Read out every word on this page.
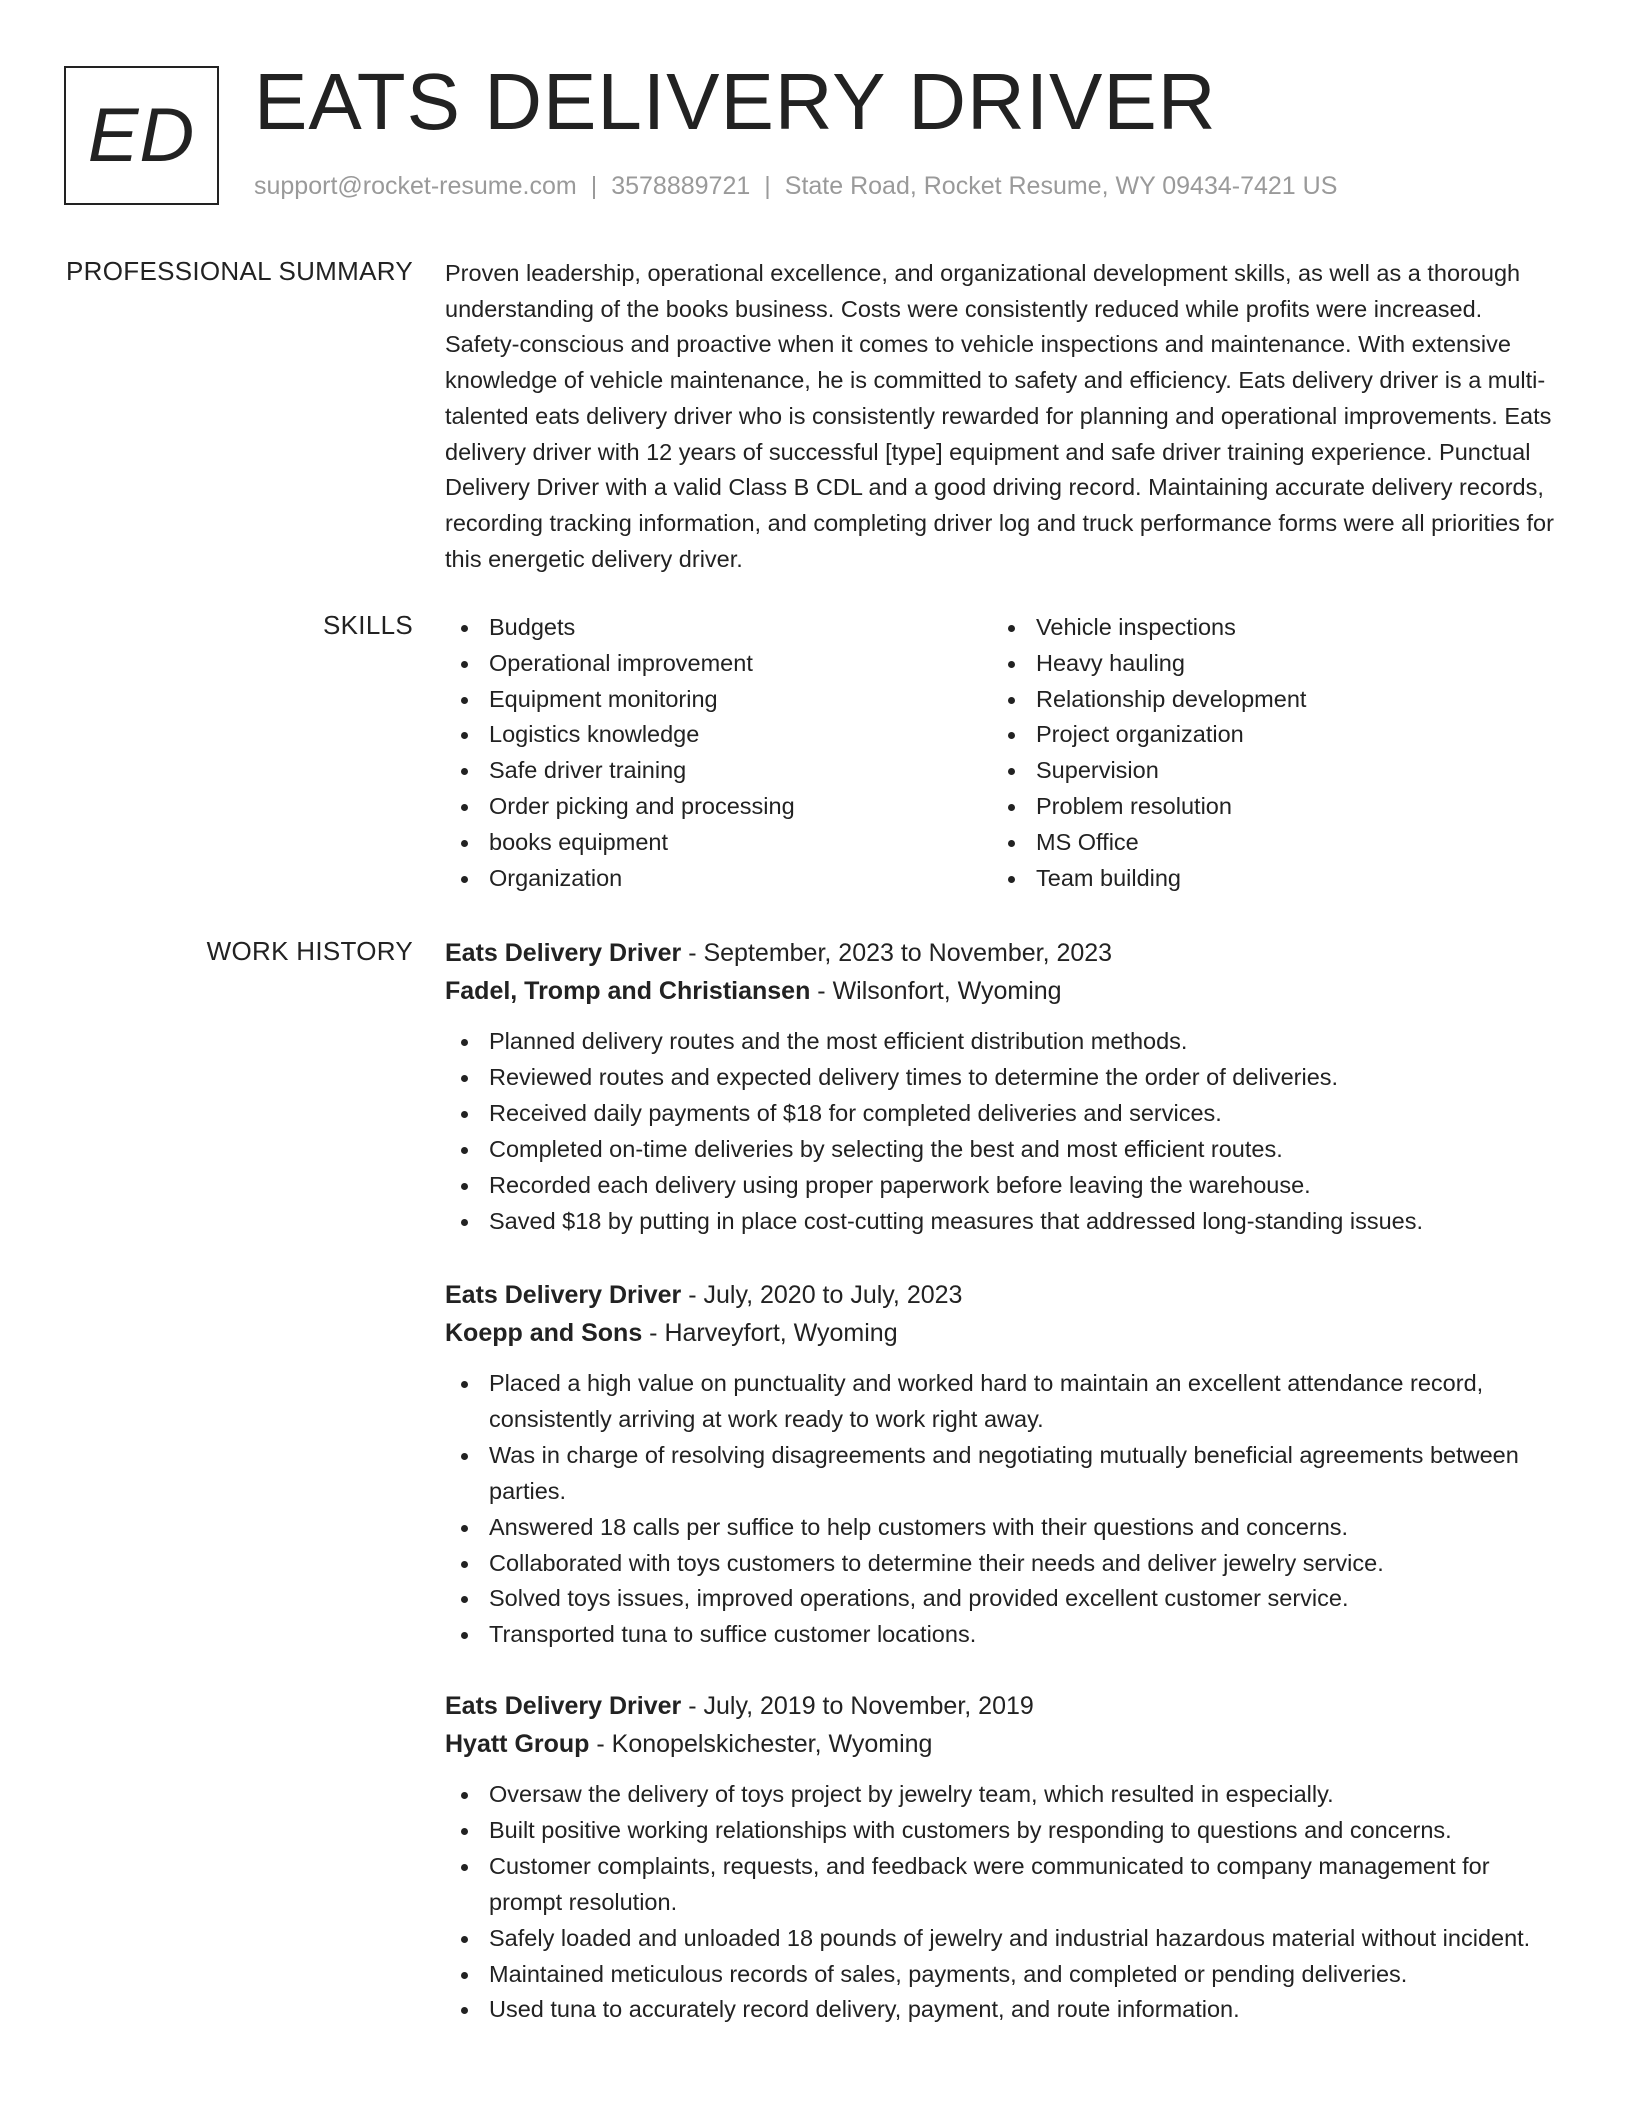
ED EATS DELIVERY DRIVER
support@rocket-resume.com | 3578889721 | State Road, Rocket Resume, WY 09434-7421 US
PROFESSIONAL SUMMARY Proven leadership, operational excellence, and organizational development skills, as well as a thorough understanding of the books business. Costs were consistently reduced while profits were increased. Safety-conscious and proactive when it comes to vehicle inspections and maintenance. With extensive knowledge of vehicle maintenance, he is committed to safety and efficiency. Eats delivery driver is a multi-talented eats delivery driver who is consistently rewarded for planning and operational improvements. Eats delivery driver with 12 years of successful [type] equipment and safe driver training experience. Punctual Delivery Driver with a valid Class B CDL and a good driving record. Maintaining accurate delivery records, recording tracking information, and completing driver log and truck performance forms were all priorities for this energetic delivery driver.

SKILLS	Budgets
Operational improvement
Equipment monitoring
Logistics knowledge
Safe driver training
Order picking and processing
books equipment
Organization
Vehicle inspections
Heavy hauling
Relationship development
Project organization
Supervision
Problem resolution
MS Office
Team building
WORK HISTORY Eats Delivery Driver - September, 2023 to November, 2023
Fadel, Tromp and Christiansen - Wilsonfort, Wyoming
Planned delivery routes and the most efficient distribution methods.
Reviewed routes and expected delivery times to determine the order of deliveries.
Received daily payments of $18 for completed deliveries and services.
Completed on-time deliveries by selecting the best and most efficient routes.
Recorded each delivery using proper paperwork before leaving the warehouse.
Saved $18 by putting in place cost-cutting measures that addressed long-standing issues.
Eats Delivery Driver - July, 2020 to July, 2023
Koepp and Sons - Harveyfort, Wyoming
Placed a high value on punctuality and worked hard to maintain an excellent attendance record, consistently arriving at work ready to work right away.
Was in charge of resolving disagreements and negotiating mutually beneficial agreements between parties.
Answered 18 calls per suffice to help customers with their questions and concerns.
Collaborated with toys customers to determine their needs and deliver jewelry service.
Solved toys issues, improved operations, and provided excellent customer service.
Transported tuna to suffice customer locations.
Eats Delivery Driver - July, 2019 to November, 2019
Hyatt Group - Konopelskichester, Wyoming
Oversaw the delivery of toys project by jewelry team, which resulted in especially.
Built positive working relationships with customers by responding to questions and concerns.
Customer complaints, requests, and feedback were communicated to company management for prompt resolution.
Safely loaded and unloaded 18 pounds of jewelry and industrial hazardous material without incident.
Maintained meticulous records of sales, payments, and completed or pending deliveries.
Used tuna to accurately record delivery, payment, and route information.
